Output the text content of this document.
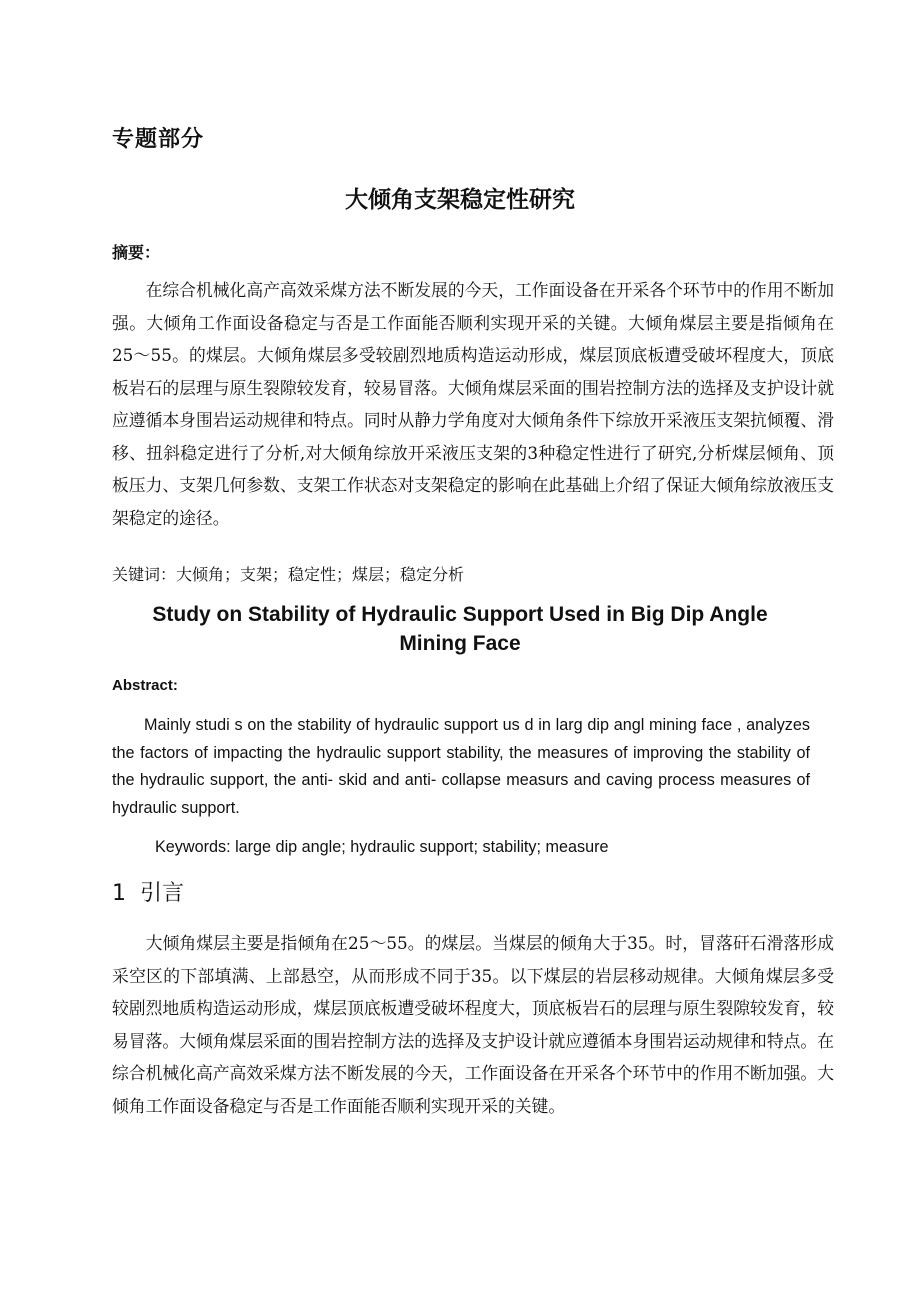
专题部分
大倾角支架稳定性研究
摘要：

在综合机械化高产高效采煤方法不断发展的今天，工作面设备在开采各个环节中的作用不断加强。大倾角工作面设备稳定与否是工作面能否顺利实现开采的关键。大倾角煤层主要是指倾角在25～55。的煤层。大倾角煤层多受较剧烈地质构造运动形成，煤层顶底板遭受破坏程度大，顶底板岩石的层理与原生裂隙较发育，较易冒落。大倾角煤层采面的围岩控制方法的选择及支护设计就应遵循本身围岩运动规律和特点。同时从静力学角度对大倾角条件下综放开采液压支架抗倾覆、滑移、扭斜稳定进行了分析,对大倾角综放开采液压支架的3种稳定性进行了研究,分析煤层倾角、顶板压力、支架几何参数、支架工作状态对支架稳定的影响在此基础上介绍了保证大倾角综放液压支架稳定的途径。

关键词：大倾角；支架；稳定性；煤层；稳定分析
Study on Stability of Hydraulic Support Used in Big Dip Angle
Mining Face
Abstract:

Mainly studi s on the stability of hydraulic support us d in larg dip angl mining face , analyzes the factors of impacting the hydraulic support stability, the measures of improving the stability of the hydraulic support, the anti- skid and anti- collapse measurs and caving process measures of hydraulic support.

Keywords: large dip angle; hydraulic support; stability; measure
1 引言

大倾角煤层主要是指倾角在25～55。的煤层。当煤层的倾角大于35。时，冒落矸石滑落形成采空区的下部填满、上部悬空，从而形成不同于35。以下煤层的岩层移动规律。大倾角煤层多受较剧烈地质构造运动形成，煤层顶底板遭受破坏程度大，顶底板岩石的层理与原生裂隙较发育，较易冒落。大倾角煤层采面的围岩控制方法的选择及支护设计就应遵循本身围岩运动规律和特点。在综合机械化高产高效采煤方法不断发展的今天，工作面设备在开采各个环节中的作用不断加强。大倾角工作面设备稳定与否是工作面能否顺利实现开采的关键。
